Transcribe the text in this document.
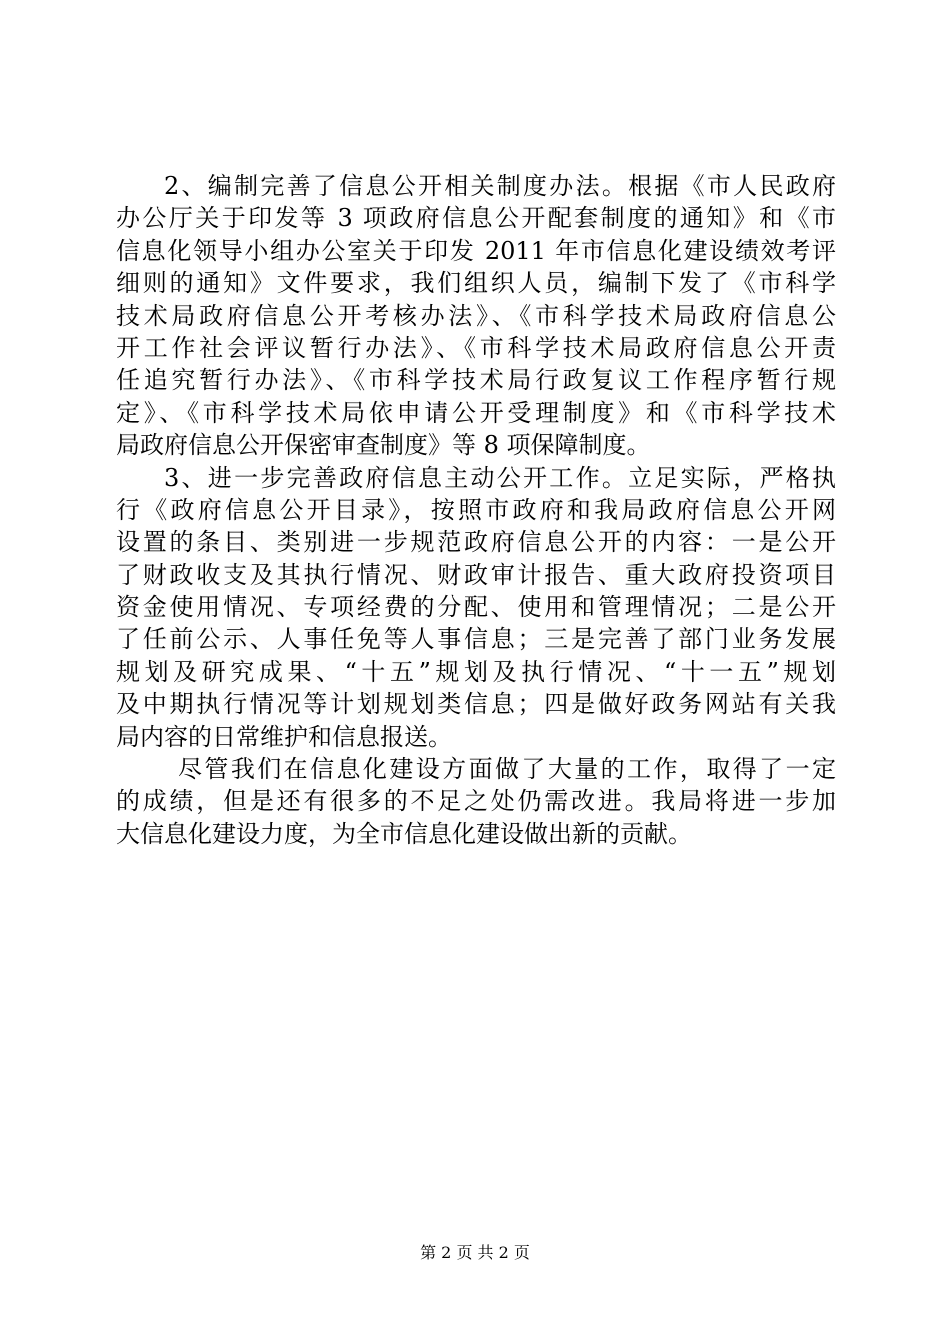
2、编制完善了信息公开相关制度办法。根据《市人民政府
办公厅关于印发等 3 项政府信息公开配套制度的通知》和《市
信息化领导小组办公室关于印发 2011 年市信息化建设绩效考评
细则的通知》文件要求，我们组织人员，编制下发了《市科学
技术局政府信息公开考核办法》、《市科学技术局政府信息公
开工作社会评议暂行办法》、《市科学技术局政府信息公开责
任追究暂行办法》、《市科学技术局行政复议工作程序暂行规
定》、《市科学技术局依申请公开受理制度》和《市科学技术
局政府信息公开保密审查制度》等 8 项保障制度。
3、进一步完善政府信息主动公开工作。立足实际，严格执
行《政府信息公开目录》，按照市政府和我局政府信息公开网
设置的条目、类别进一步规范政府信息公开的内容：一是公开
了财政收支及其执行情况、财政审计报告、重大政府投资项目
资金使用情况、专项经费的分配、使用和管理情况；二是公开
了任前公示、人事任免等人事信息；三是完善了部门业务发展
规划及研究成果、“十五”规划及执行情况、“十一五”规划
及中期执行情况等计划规划类信息；四是做好政务网站有关我
局内容的日常维护和信息报送。
尽管我们在信息化建设方面做了大量的工作，取得了一定
的成绩，但是还有很多的不足之处仍需改进。我局将进一步加
大信息化建设力度，为全市信息化建设做出新的贡献。
第 2 页 共 2 页
